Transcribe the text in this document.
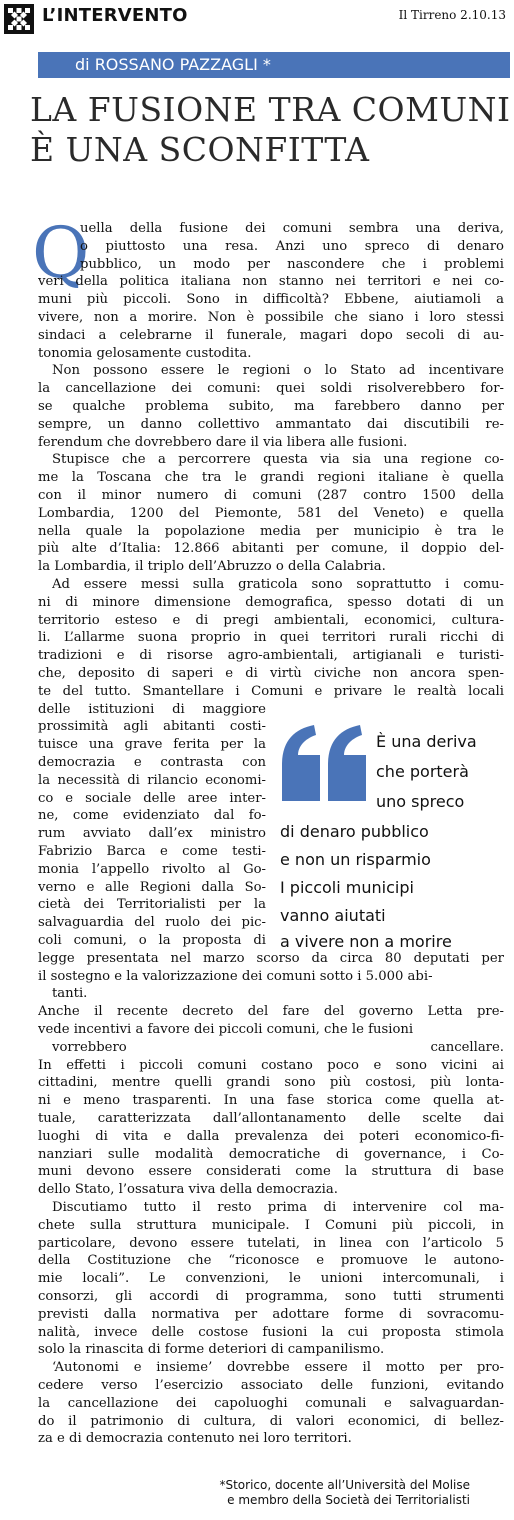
L’INTERVENTO	Il Tirreno 2.10.13
di ROSSANO PAZZAGLI *
LA FUSIONE TRA COMUNI
È UNA SCONFITTA
Q
uella della fusione dei comuni sembra una deriva,
o piuttosto una resa. Anzi uno spreco di denaro
pubblico, un modo per nascondere che i problemi
veri della politica italiana non stanno nei territori e nei co-
muni più piccoli. Sono in difficoltà? Ebbene, aiutiamoli a
vivere, non a morire. Non è possibile che siano i loro stessi
sindaci a celebrarne il funerale, magari dopo secoli di au-
tonomia gelosamente custodita.
Non possono essere le regioni o lo Stato ad incentivare
la cancellazione dei comuni: quei soldi risolverebbero for-
se qualche problema subito, ma farebbero danno per
sempre, un danno collettivo ammantato dai discutibili re-
ferendum che dovrebbero dare il via libera alle fusioni.
Stupisce che a percorrere questa via sia una regione co-
me la Toscana che tra le grandi regioni italiane è quella
con il minor numero di comuni (287 contro 1500 della
Lombardia, 1200 del Piemonte, 581 del Veneto) e quella
nella quale la popolazione media per municipio è tra le
più alte d’Italia: 12.866 abitanti per comune, il doppio del-
la Lombardia, il triplo dell’Abruzzo o della Calabria.
Ad essere messi sulla graticola sono soprattutto i comu-
ni di minore dimensione demografica, spesso dotati di un
territorio esteso e di pregi ambientali, economici, cultura-
li. L’allarme suona proprio in quei territori rurali ricchi di
tradizioni e di risorse agro-ambientali, artigianali e turisti-
che, deposito di saperi e di virtù civiche non ancora spen-
te del tutto. Smantellare i Comuni e privare le realtà locali
delle istituzioni di maggiore
prossimità agli abitanti costi-
tuisce una grave ferita per la
democrazia e contrasta con
la necessità di rilancio economi-
co e sociale delle aree inter-
ne, come evidenziato dal fo-
rum avviato dall’ex ministro
Fabrizio Barca e come testi-
monia l’appello rivolto al Go-
verno e alle Regioni dalla So-
cietà dei Territorialisti per la
salvaguardia del ruolo dei pic-
coli comuni, o la proposta di
legge presentata nel marzo scorso da circa 80 deputati per
il sostegno e la valorizzazione dei comuni sotto i 5.000 abi-
tanti.
Anche il recente decreto del fare del governo Letta pre-
vede incentivi a favore dei piccoli comuni, che le fusioni
vorrebbero cancellare.
In effetti i piccoli comuni costano poco e sono vicini ai
cittadini, mentre quelli grandi sono più costosi, più lonta-
ni e meno trasparenti. In una fase storica come quella at-
tuale, caratterizzata dall’allontanamento delle scelte dai
luoghi di vita e dalla prevalenza dei poteri economico-fi-
nanziari sulle modalità democratiche di governance, i Co-
muni devono essere considerati come la struttura di base
dello Stato, l’ossatura viva della democrazia.
Discutiamo tutto il resto prima di intervenire col ma-
chete sulla struttura municipale. I Comuni più piccoli, in
particolare, devono essere tutelati, in linea con l’articolo 5
della Costituzione che “riconosce e promuove le autono-
mie locali”. Le convenzioni, le unioni intercomunali, i
consorzi, gli accordi di programma, sono tutti strumenti
previsti dalla normativa per adottare forme di sovracomu-
nalità, invece delle costose fusioni la cui proposta stimola
solo la rinascita di forme deteriori di campanilismo.
‘Autonomi e insieme’ dovrebbe essere il motto per pro-
cedere verso l’esercizio associato delle funzioni, evitando
la cancellazione dei capoluoghi comunali e salvaguardan-
do il patrimonio di cultura, di valori economici, di bellez-
za e di democrazia contenuto nei loro territori.
È una deriva
che porterà
uno spreco
di denaro pubblico
e non un risparmio
I piccoli municipi
vanno aiutati
a vivere non a morire
*Storico, docente all’Università del Molise
e membro della Società dei Territorialisti
